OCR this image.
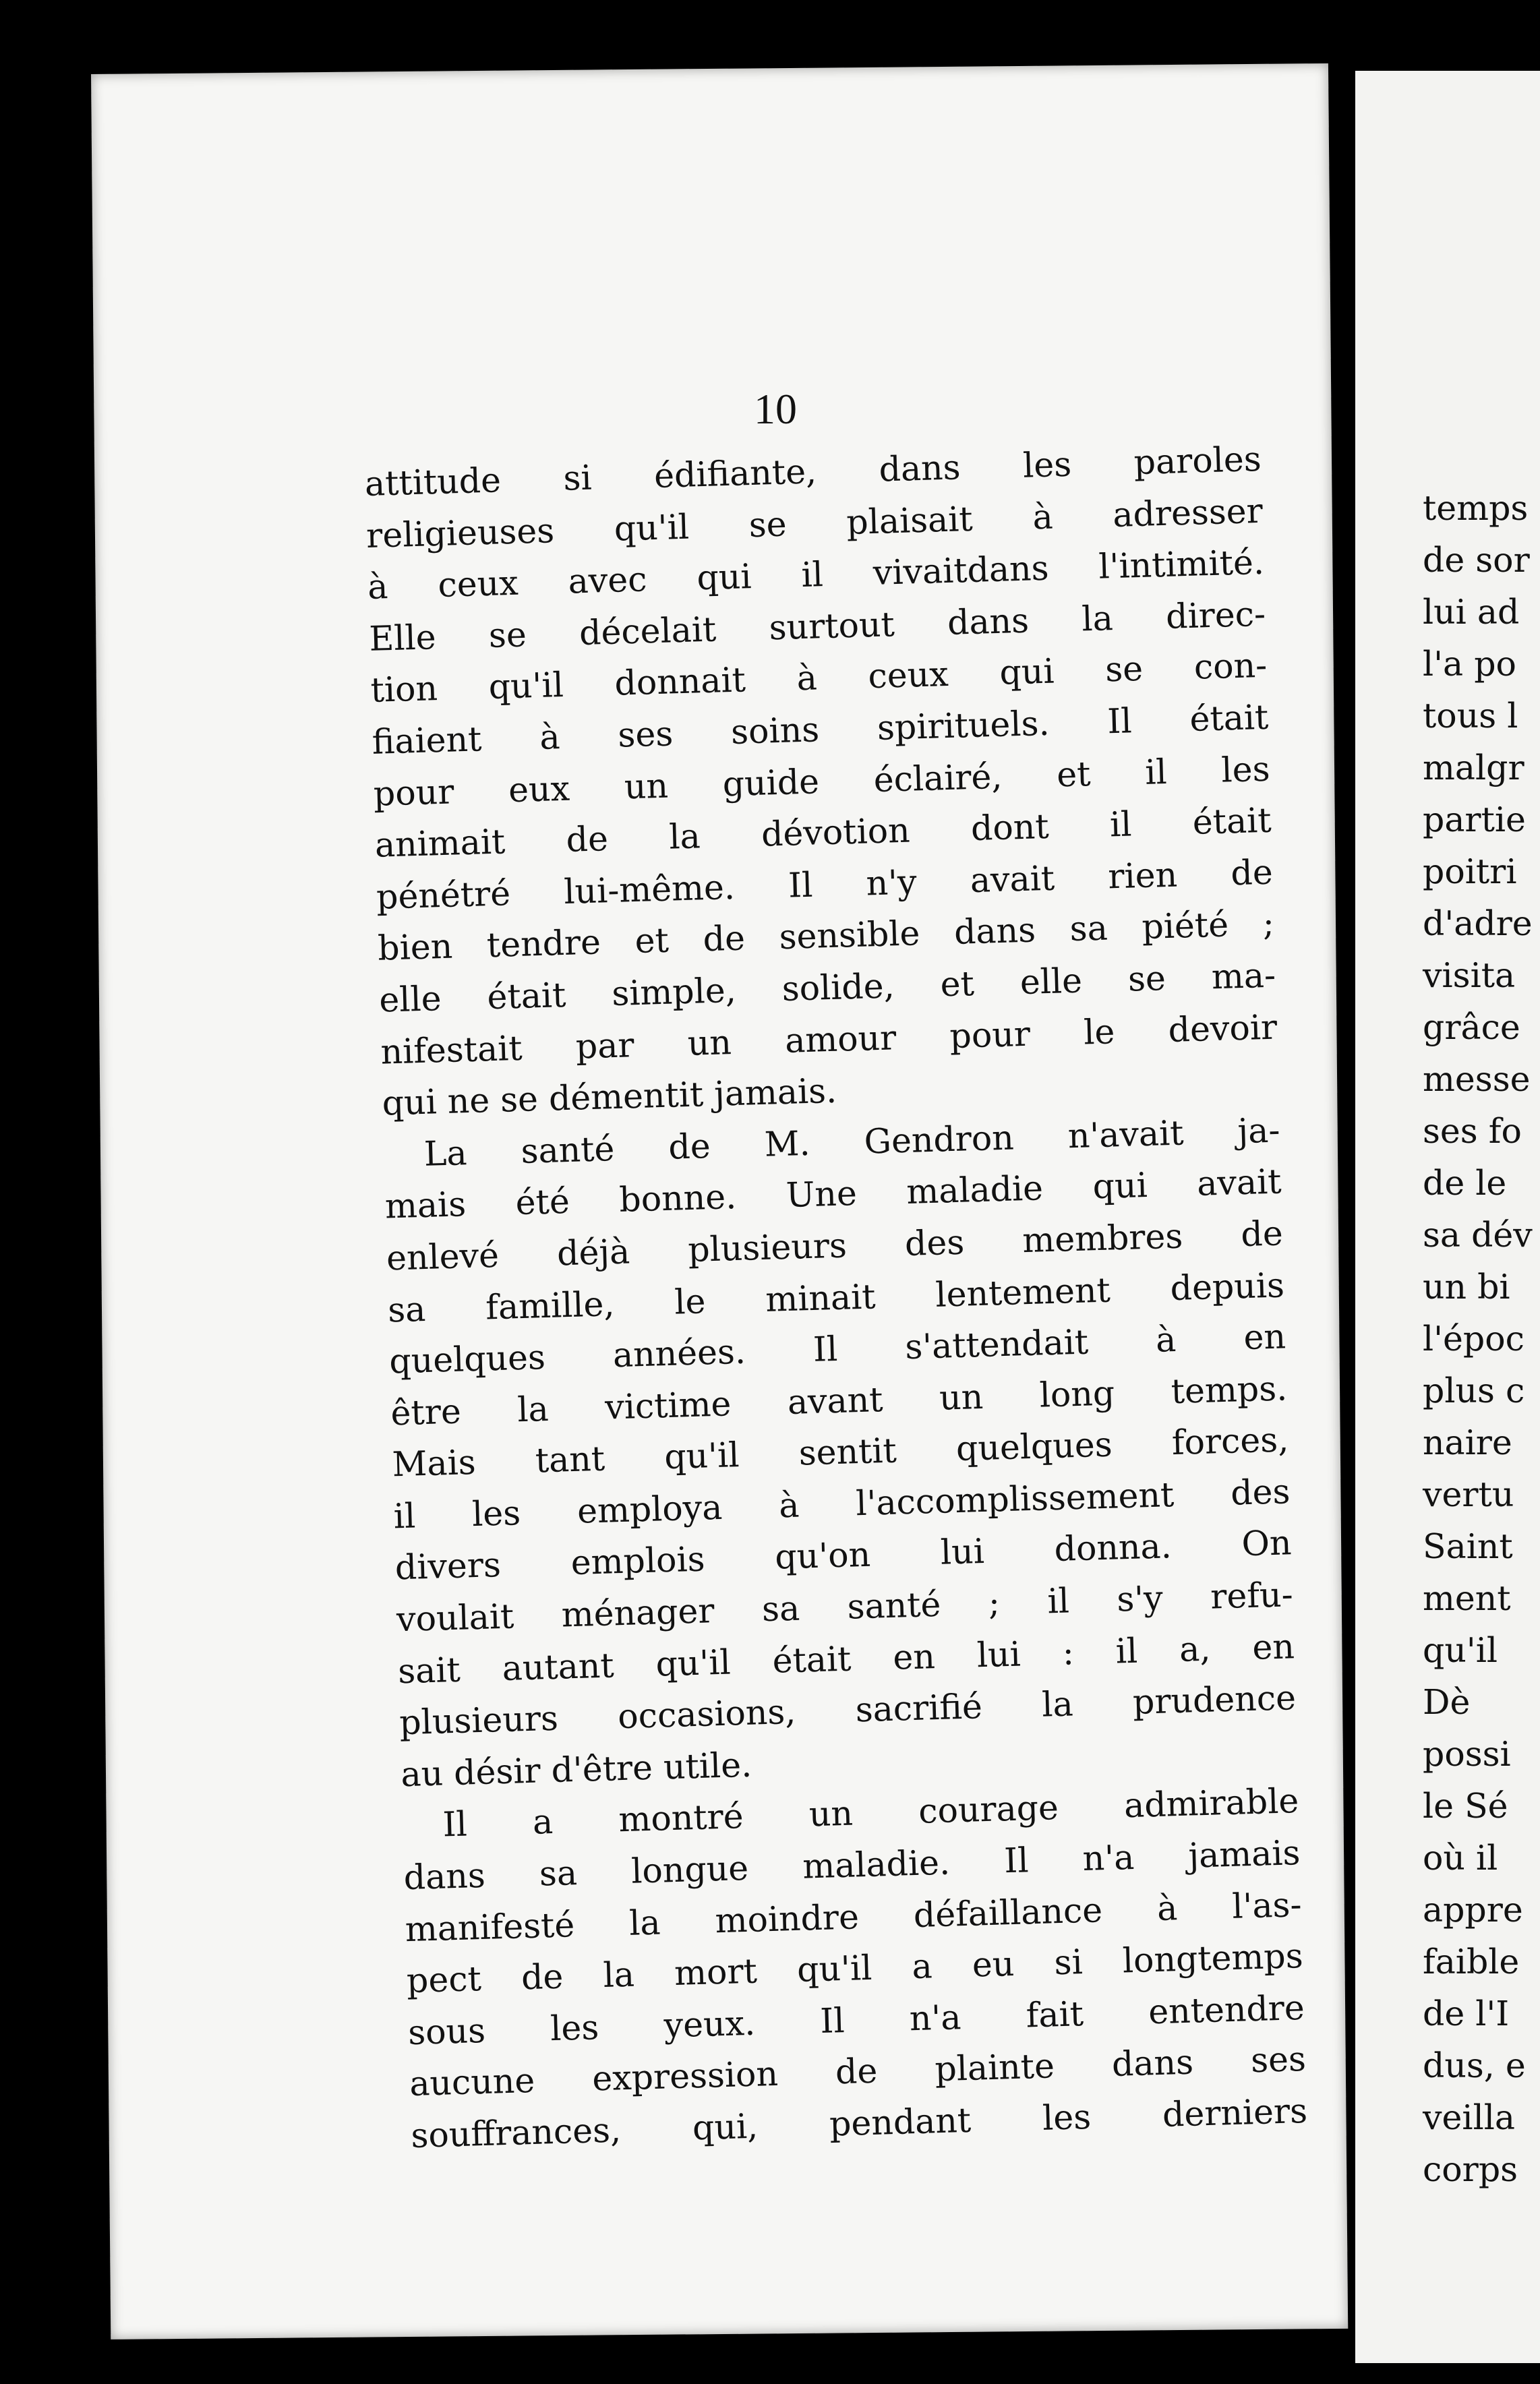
10

attitude si édifiante, dans les paroles

religieuses qu'il se plaisait à adresser

à ceux avec qui il vivaitdans l'intimité.

Elle se décelait surtout dans la direc-

tion qu'il donnait à ceux qui se con-

fiaient à ses soins spirituels. Il était

pour eux un guide éclairé, et il les

animait de la dévotion dont il était

pénétré lui-même. Il n'y avait rien de

bien tendre et de sensible dans sa piété ;

elle était simple, solide, et elle se ma-

nifestait par un amour pour le devoir

qui ne se démentit jamais.

La santé de M. Gendron n'avait ja-

mais été bonne. Une maladie qui avait

enlevé déjà plusieurs des membres de

sa famille, le minait lentement depuis

quelques années. Il s'attendait à en

être la victime avant un long temps.

Mais tant qu'il sentit quelques forces,

il les employa à l'accomplissement des

divers emplois qu'on lui donna. On

voulait ménager sa santé ; il s'y refu-

sait autant qu'il était en lui : il a, en

plusieurs occasions, sacrifié la prudence

au désir d'être utile.

Il a montré un courage admirable

dans sa longue maladie. Il n'a jamais

manifesté la moindre défaillance à l'as-

pect de la mort qu'il a eu si longtemps

sous les yeux. Il n'a fait entendre

aucune expression de plainte dans ses

souffrances, qui, pendant les derniers

temps
de sor
lui ad
l'a po
tous l
malgr
partie
poitri
d'adre
visita
grâce
messe
ses fo
de le
sa dév
un bi
l'époc
plus c
naire
vertu
Saint
ment
qu'il
Dè
possi
le Sé
où il
appre
faible
de l'I
dus, e
veilla
corps
